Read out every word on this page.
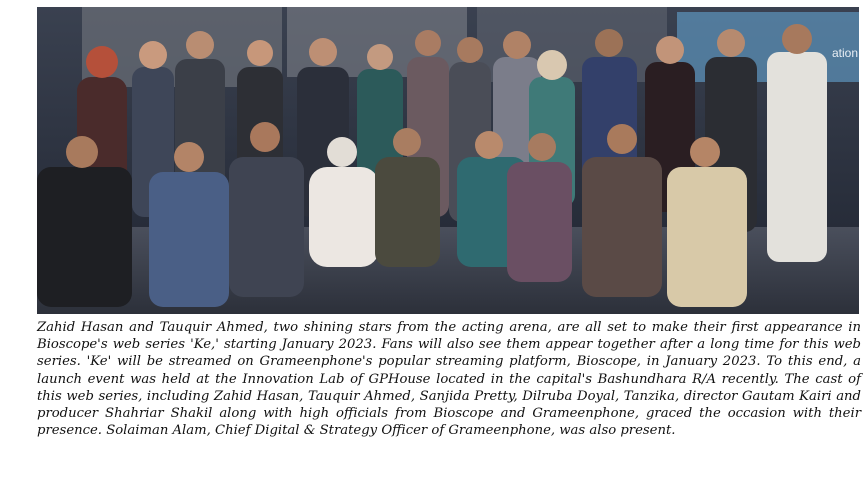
ation

Zahid Hasan and Tauquir Ahmed, two shining stars from the acting arena, are all set to make their first appearance in Bioscope's web series 'Ke,' starting January 2023. Fans will also see them appear together after a long time for this web series. 'Ke' will be streamed on Grameenphone's popular streaming platform, Bioscope, in January 2023. To this end, a launch event was held at the Innovation Lab of GPHouse located in the capital's Bashundhara R/A recently. The cast of this web series, including Zahid Hasan, Tauquir Ahmed, Sanjida Pretty, Dilruba Doyal, Tanzika, director Gautam Kairi and producer Shahriar Shakil along with high officials from Bioscope and Grameenphone, graced the occasion with their presence. Solaiman Alam, Chief Digital & Strategy Officer of Grameenphone, was also present.
